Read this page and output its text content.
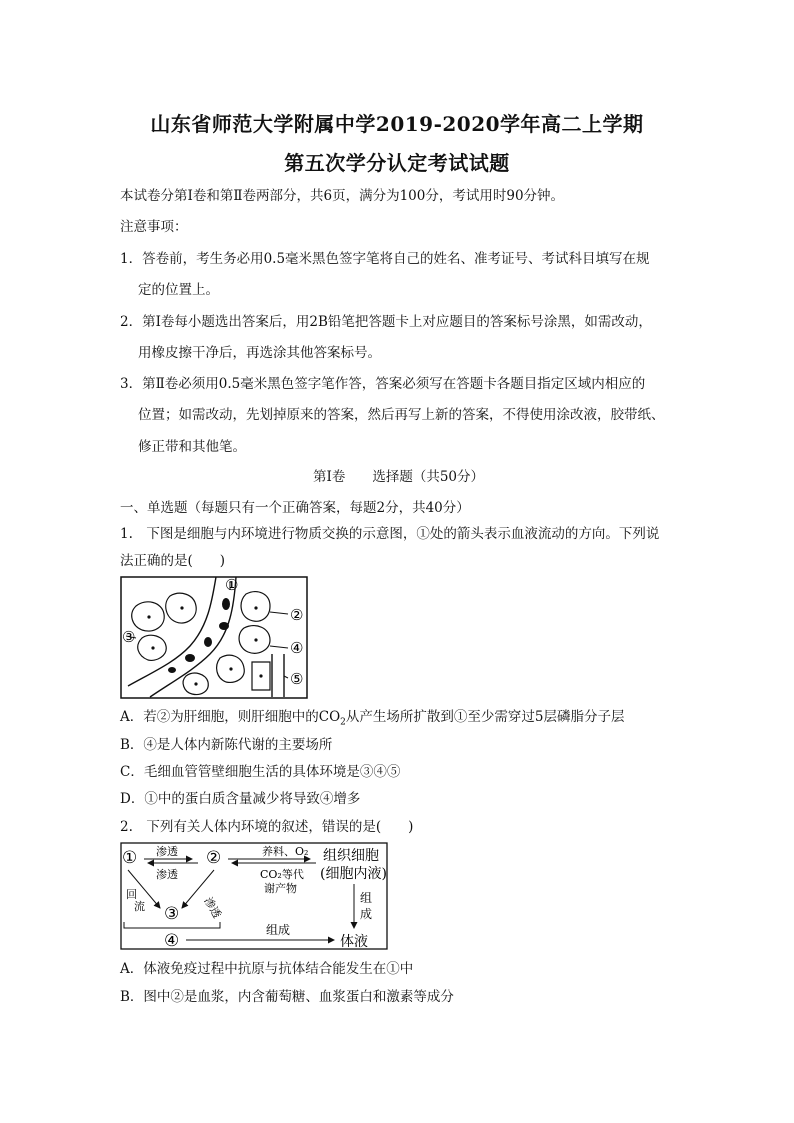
山东省师范大学附属中学2019-2020学年高二上学期
第五次学分认定考试试题
本试卷分第Ⅰ卷和第Ⅱ卷两部分，共6页，满分为100分，考试用时90分钟。
注意事项：
1．答卷前，考生务必用0.5毫米黑色签字笔将自己的姓名、准考证号、考试科目填写在规
定的位置上。
2．第Ⅰ卷每小题选出答案后，用2B铅笔把答题卡上对应题目的答案标号涂黑，如需改动，
用橡皮擦干净后，再选涂其他答案标号。
3．第Ⅱ卷必须用0.5毫米黑色签字笔作答，答案必须写在答题卡各题目指定区域内相应的
位置；如需改动，先划掉原来的答案，然后再写上新的答案，不得使用涂改液，胶带纸、
修正带和其他笔。
第Ⅰ卷　　选择题（共50分）
一、单选题（每题只有一个正确答案，每题2分，共40分）
1.　下图是细胞与内环境进行物质交换的示意图，①处的箭头表示血液流动的方向。下列说
法正确的是(　　)
①
②
③
④
⑤
A．若②为肝细胞，则肝细胞中的$CO_2$从产生场所扩散到①至少需穿过5层磷脂分子层
B．④是人体内新陈代谢的主要场所
C．毛细血管管壁细胞生活的具体环境是③④⑤
D．①中的蛋白质含量减少将导致④增多
2.　下列有关人体内环境的叙述，错误的是(　　)
①	②
渗透
渗透
养料、O₂
CO₂等代
谢产物
组织细胞
(细胞内液)
组
成
回
流	渗透
③
④
组成
体液
A．体液免疫过程中抗原与抗体结合能发生在①中
B．图中②是血浆，内含葡萄糖、血浆蛋白和激素等成分
